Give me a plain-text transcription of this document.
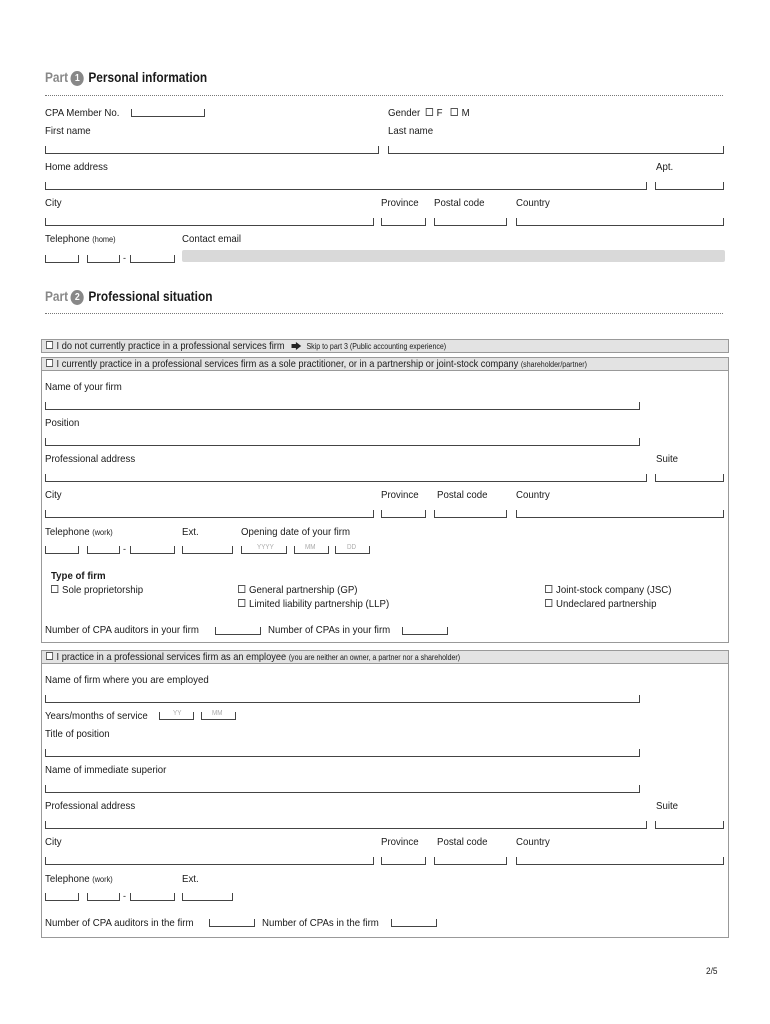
Part 1 Personal information
CPA Member No.	Gender F M
First name	Last name
Home address	Apt.
City	Province Postal code	Country
Telephone (home)
-
Contact email
Part 2 Professional situation
I do not currently practice in a professional services firm	Skip to part 3 (Public accounting experience)
I currently practice in a professional services firm as a sole practitioner, or in a partnership or joint-stock company (shareholder/partner)
Name of your firm
Position
Professional address	Suite
City	Province Postal code	Country
Telephone (work)
-
Ext.	Opening date of your firm
YYYY	MM	DD
Type of firm
Sole proprietorship	General partnership (GP)
Limited liability partnership (LLP)
Joint-stock company (JSC)
Undeclared partnership
Number of CPA auditors in your firm	Number of CPAs in your firm
I practice in a professional services firm as an employee (you are neither an owner, a partner nor a shareholder)
Name of firm where you are employed
Years/months of service	YY	MM
Title of position
Name of immediate superior
Professional address	Suite
City	Province Postal code	Country
Telephone (work)
-
Ext.
Number of CPA auditors in the firm	Number of CPAs in the firm
2/5
